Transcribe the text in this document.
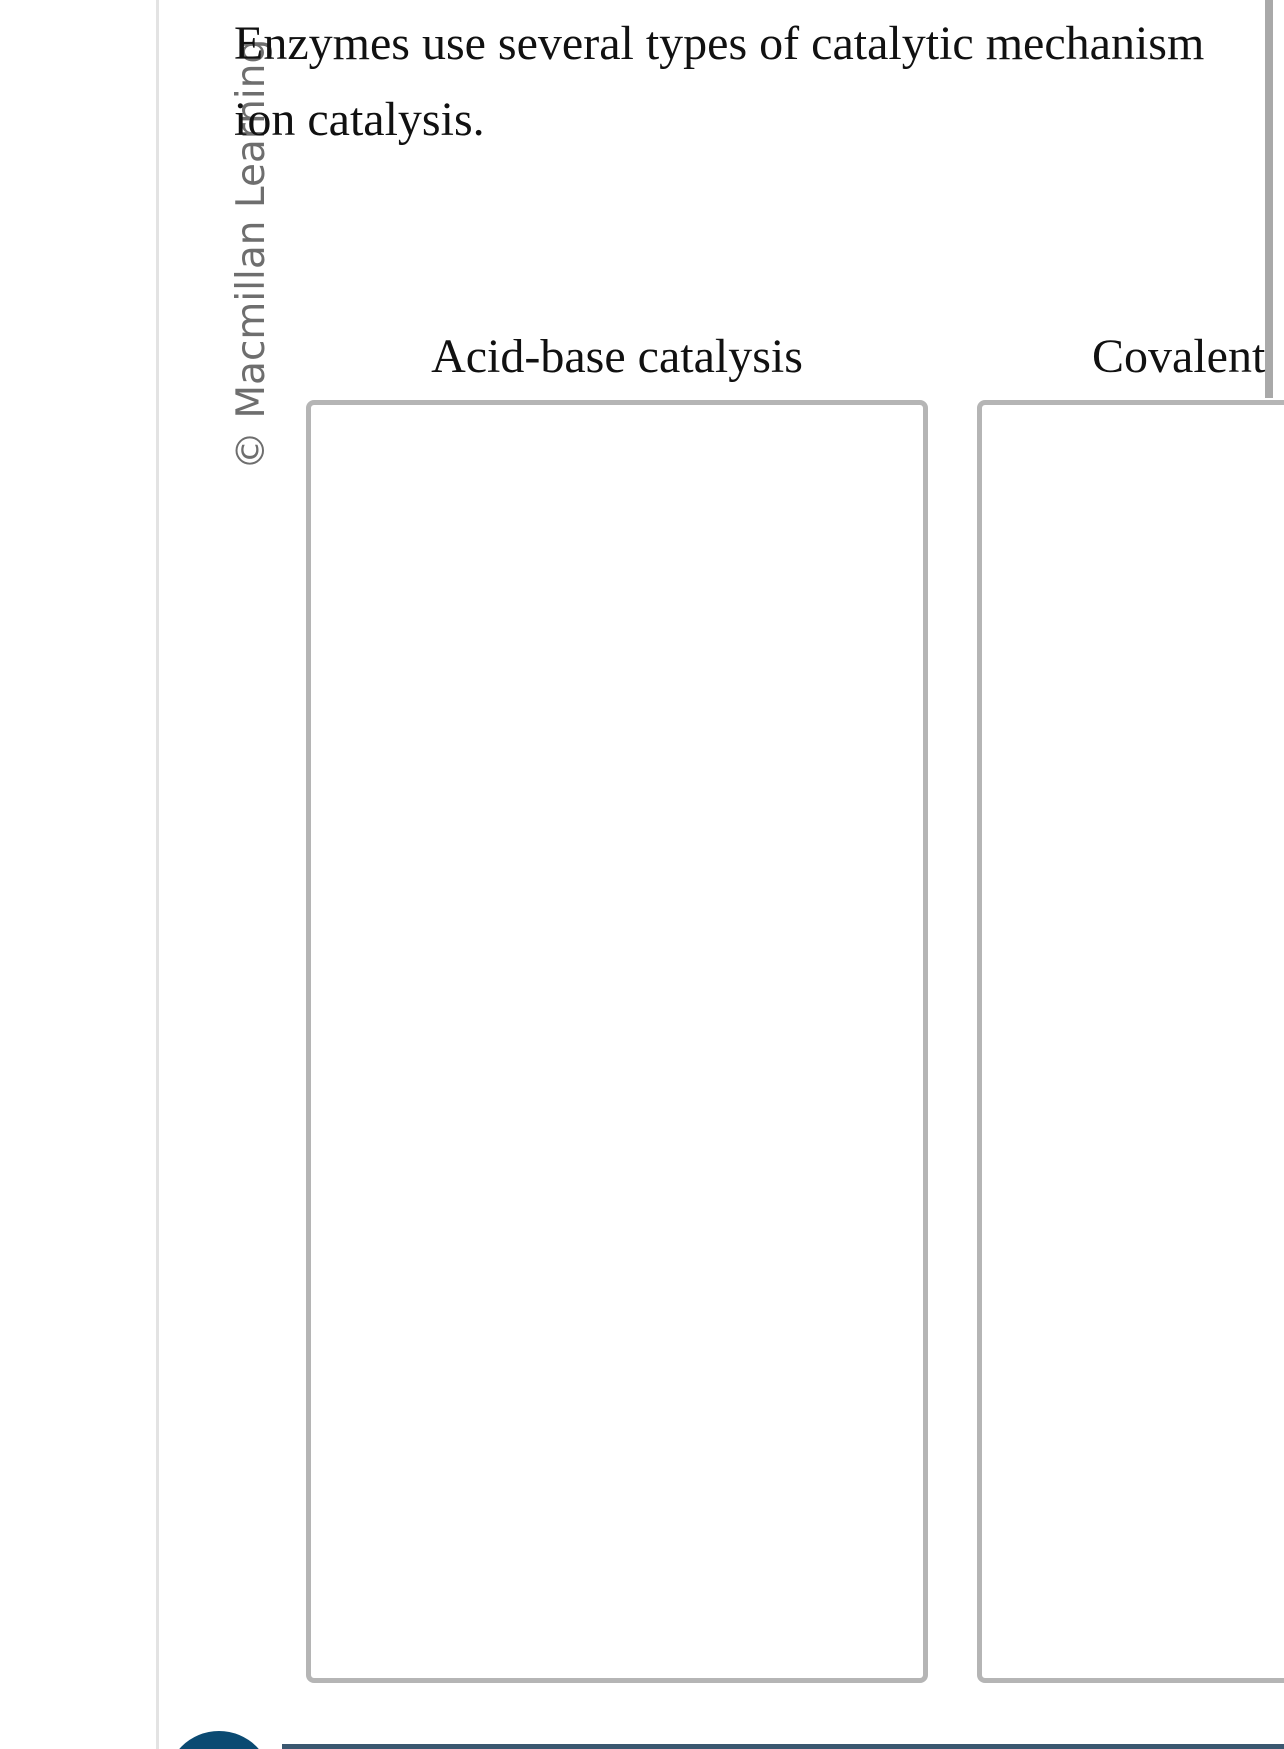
© Macmillan Learning
Enzymes use several types of catalytic mechanism
ion catalysis.
Acid-base catalysis	Covalent
